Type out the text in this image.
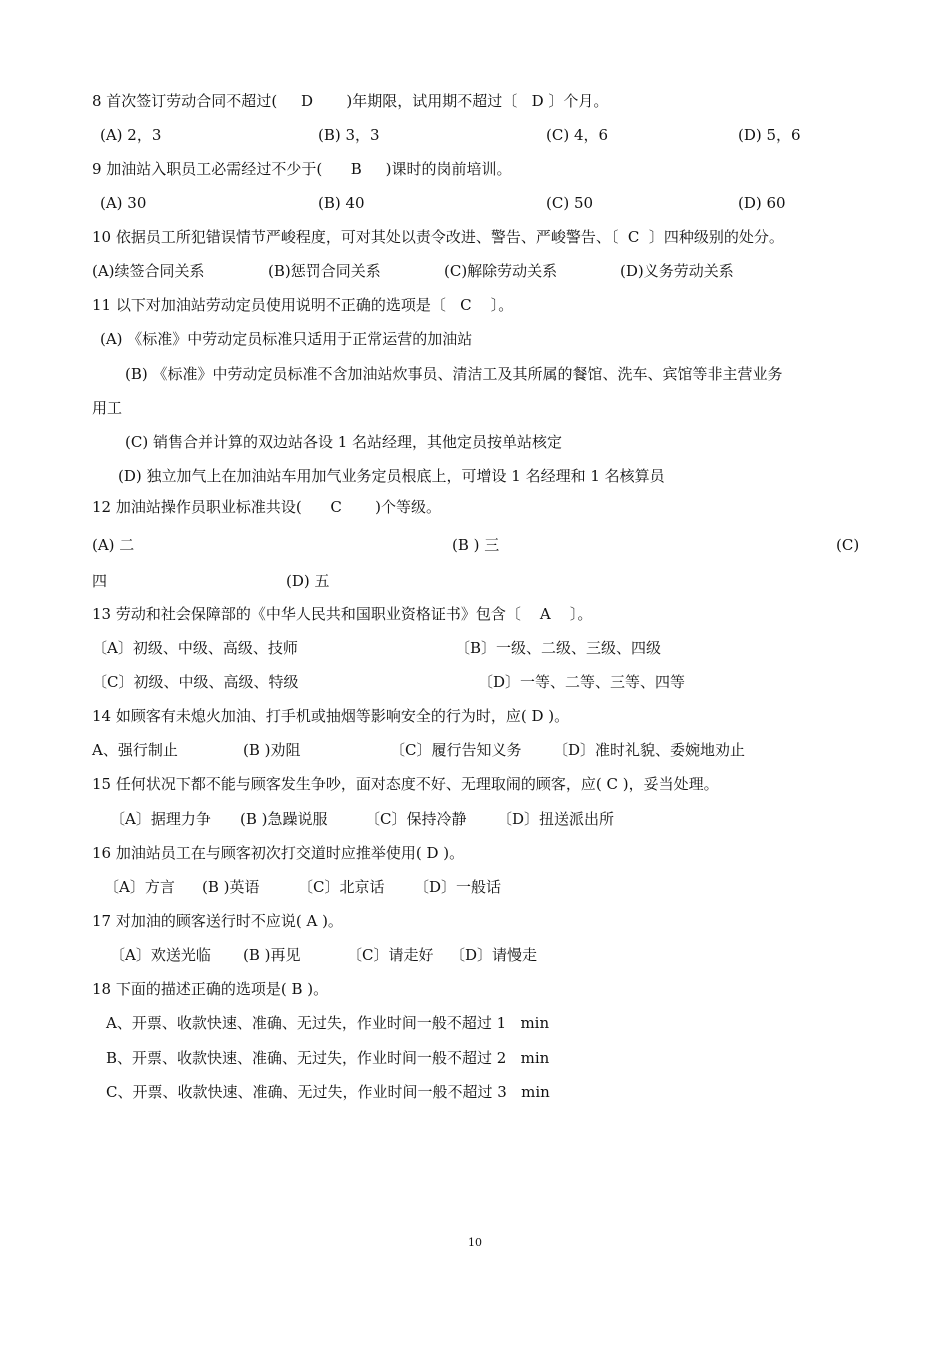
8 首次签订劳动合同不超过(     D       )年期限，试用期不超过〔   D 〕个月。
(A) 2，3	(B) 3，3	(C) 4，6	(D) 5，6
9 加油站入职员工必需经过不少于(      B     )课时的岗前培训。
(A) 30	(B) 40	(C) 50	(D) 60
10 依据员工所犯错误情节严峻程度，可对其处以责令改进、警告、严峻警告、〔  C  〕四种级别的处分。
(A)续签合同关系	(B)惩罚合同关系	(C)解除劳动关系	(D)义务劳动关系
11 以下对加油站劳动定员使用说明不正确的选项是〔   C    〕。
(A) 《标准》中劳动定员标准只适用于正常运营的加油站
(B) 《标准》中劳动定员标准不含加油站炊事员、清洁工及其所属的餐馆、洗车、宾馆等非主营业务
用工
(C) 销售合并计算的双边站各设 1 名站经理，其他定员按单站核定
(D) 独立加气上在加油站车用加气业务定员根底上，可增设 1 名经理和 1 名核算员
12 加油站操作员职业标准共设(      C       )个等级。
(A) 二	(B ) 三	(C)
四	(D) 五
13 劳动和社会保障部的《中华人民共和国职业资格证书》包含〔    A    〕。
〔A〕初级、中级、高级、技师	〔B〕一级、二级、三级、四级
〔C〕初级、中级、高级、特级	〔D〕一等、二等、三等、四等
14 如顾客有未熄火加油、打手机或抽烟等影响安全的行为时，应( D )。
A、强行制止	(B )劝阻	〔C〕履行告知义务 〔D〕准时礼貌、委婉地劝止
15 任何状况下都不能与顾客发生争吵，面对态度不好、无理取闹的顾客，应( C )，妥当处理。
〔A〕据理力争 (B )急躁说服	〔C〕保持冷静 〔D〕扭送派出所
16 加油站员工在与顾客初次打交道时应推举使用( D )。
〔A〕方言 (B )英语	〔C〕北京话 〔D〕一般话
17 对加油的顾客送行时不应说( A )。
〔A〕欢送光临 (B )再见	〔C〕请走好 〔D〕请慢走
18 下面的描述正确的选项是( B )。
A、开票、收款快速、准确、无过失，作业时间一般不超过 1   min
B、开票、收款快速、准确、无过失，作业时间一般不超过 2   min
C、开票、收款快速、准确、无过失，作业时间一般不超过 3   min
10
